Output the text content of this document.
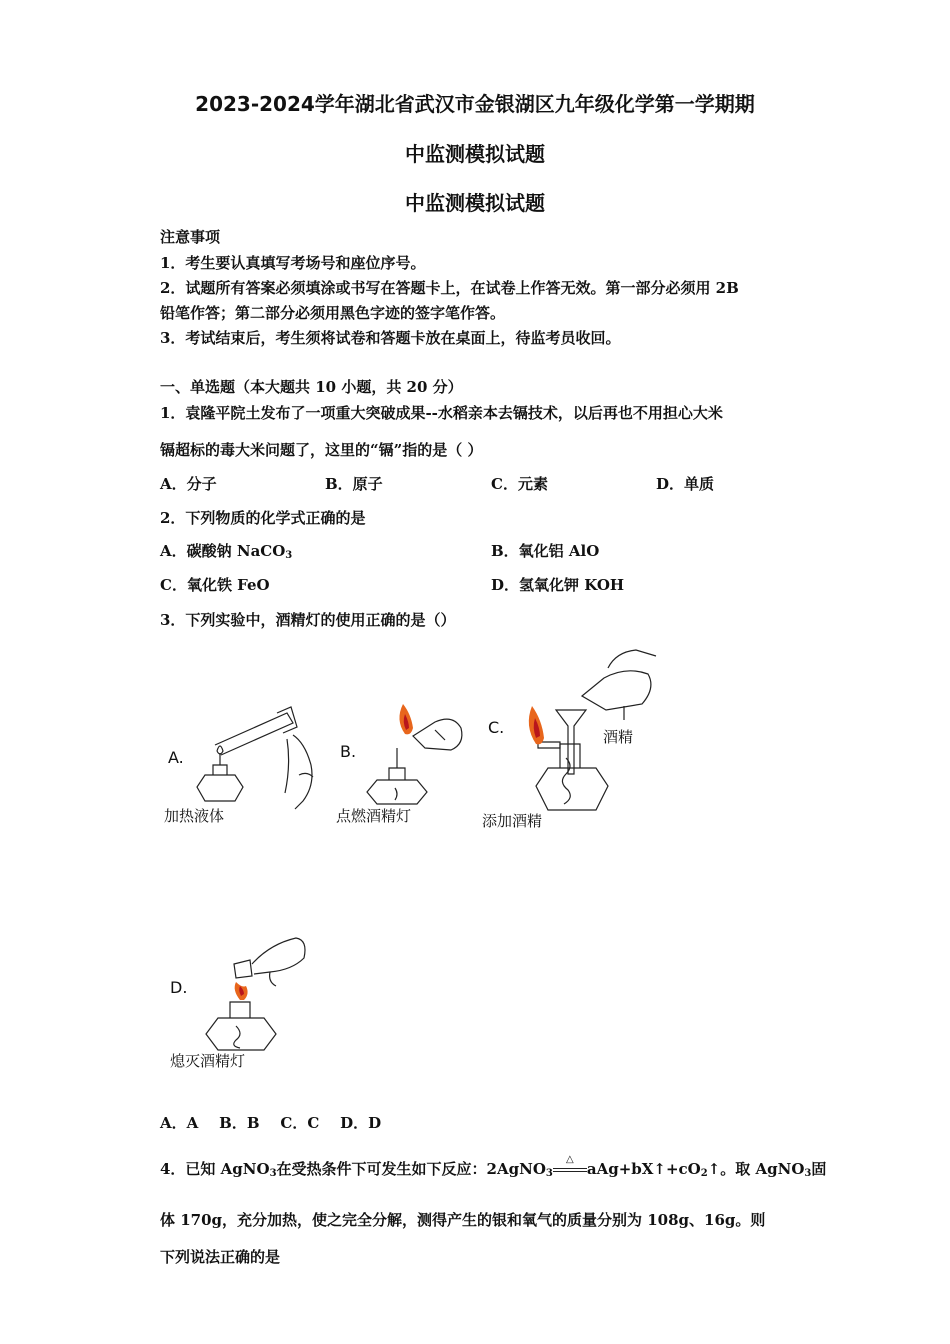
2023-2024学年湖北省武汉市金银湖区九年级化学第一学期期
中监测模拟试题
中监测模拟试题
注意事项
1．考生要认真填写考场号和座位序号。
2．试题所有答案必须填涂或书写在答题卡上，在试卷上作答无效。第一部分必须用 2B
铅笔作答；第二部分必须用黑色字迹的签字笔作答。
3．考试结束后，考生须将试卷和答题卡放在桌面上，待监考员收回。
一、单选题（本大题共 10 小题，共 20 分）
1．袁隆平院土发布了一项重大突破成果--水稻亲本去镉技术，以后再也不用担心大米
镉超标的毒大米问题了，这里的“镉”指的是（ ）
A．分子	B．原子	C．元素	D．单质
2．下列物质的化学式正确的是
A．碳酸钠 NaCO$_3$	B．氧化铝 AlO
C．氧化铁 FeO	D．氢氧化钾 KOH
3．下列实验中，酒精灯的使用正确的是（）
A.
加热液体
B.
点燃酒精灯
C.	酒精
添加酒精
D.
熄灭酒精灯
A．A    B．B    C．C    D．D
4．已知 AgNO$_3$在受热条件下可发生如下反应：2AgNO$_3$
△
$aAg+bX↑+cO_2↑$。取 AgNO$_3$固
体 170g，充分加热，使之完全分解，测得产生的银和氧气的质量分别为 108g、16g。则
下列说法正确的是
